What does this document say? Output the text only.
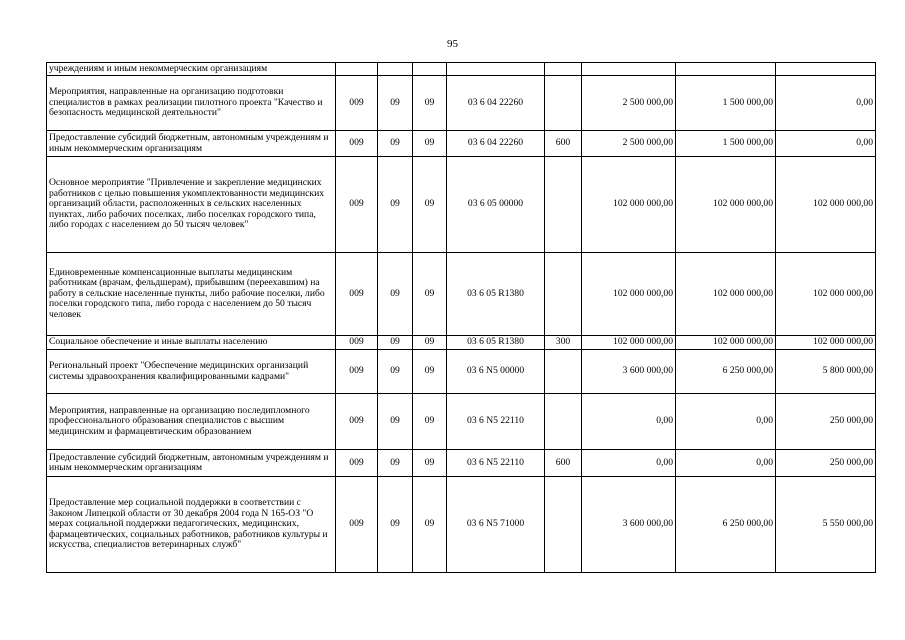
95
учреждениям и иным некоммерческим организациям								
Мероприятия, направленные на организацию подготовки специалистов в рамках реализации пилотного проекта "Качество и безопасность медицинской деятельности"	009	09	09	03 6 04 22260		2 500 000,00	1 500 000,00	0,00
Предоставление субсидий бюджетным, автономным учреждениям и иным некоммерческим организациям	009	09	09	03 6 04 22260	600	2 500 000,00	1 500 000,00	0,00
Основное мероприятие "Привлечение и закрепление медицинских работников с целью повышения укомплектованности медицинских организаций области, расположенных в сельских населенных пунктах, либо рабочих поселках, либо поселках городского типа, либо городах с населением до 50 тысяч человек"	009	09	09	03 6 05 00000		102 000 000,00	102 000 000,00	102 000 000,00
Единовременные компенсационные выплаты медицинским работникам (врачам, фельдшерам), прибывшим (переехавшим) на работу в сельские населенные пункты, либо рабочие поселки, либо поселки городского типа, либо города с населением до 50 тысяч человек	009	09	09	03 6 05 R1380		102 000 000,00	102 000 000,00	102 000 000,00
Социальное обеспечение и иные выплаты населению	009	09	09	03 6 05 R1380	300	102 000 000,00	102 000 000,00	102 000 000,00
Региональный проект "Обеспечение медицинских организаций системы здравоохранения квалифицированными кадрами"	009	09	09	03 6 N5 00000		3 600 000,00	6 250 000,00	5 800 000,00
Мероприятия, направленные на организацию последипломного профессионального образования специалистов с высшим медицинским и фармацевтическим образованием	009	09	09	03 6 N5 22110		0,00	0,00	250 000,00
Предоставление субсидий бюджетным, автономным учреждениям и иным некоммерческим организациям	009	09	09	03 6 N5 22110	600	0,00	0,00	250 000,00
Предоставление мер социальной поддержки в соответствии с Законом Липецкой области от 30 декабря 2004 года N 165-ОЗ "О мерах социальной поддержки педагогических, медицинских, фармацевтических, социальных работников, работников культуры и искусства, специалистов ветеринарных служб"	009	09	09	03 6 N5 71000		3 600 000,00	6 250 000,00	5 550 000,00
